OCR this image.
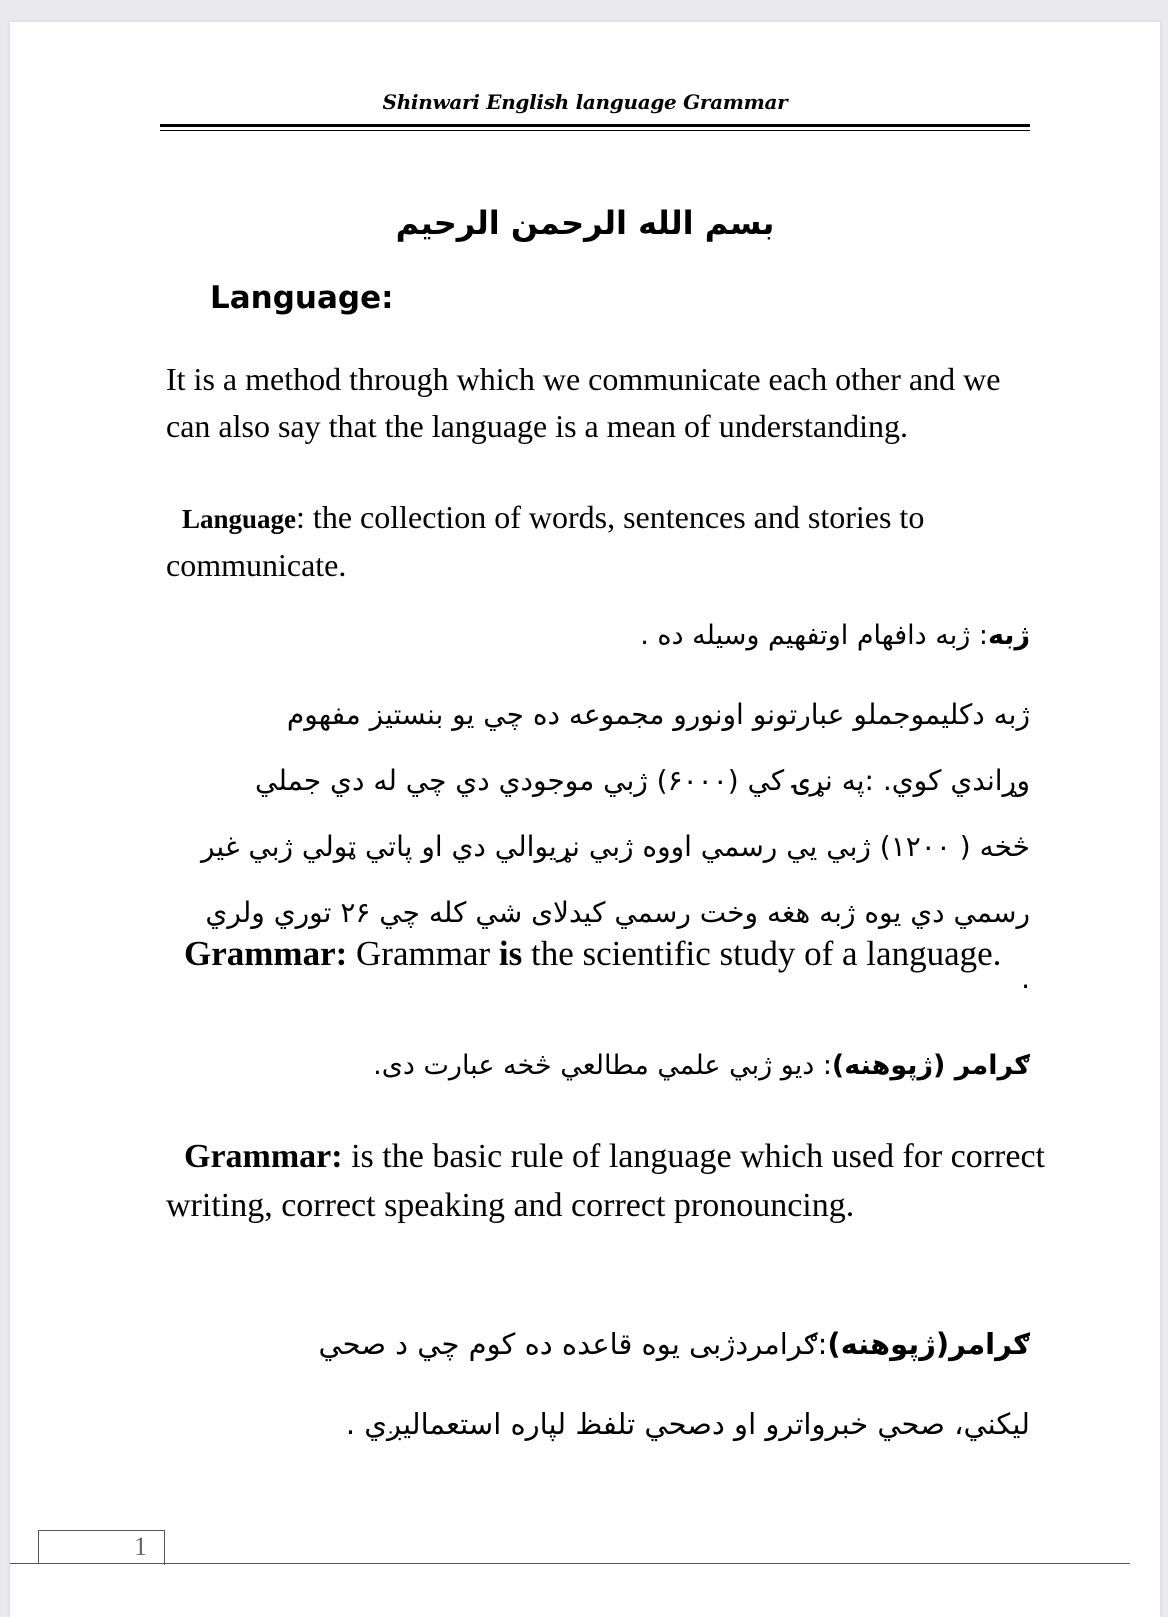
Shinwari English language Grammar
بسم الله الرحمن الرحیم
Language:

It is a method through which we communicate each other and we can also say that the language is a mean of understanding.

Language: the collection of words, sentences and stories to communicate.

ژبه: ژبه دافهام اوتفهیم وسیله ده .

ژبه دکلیموجملو عبارتونو اونورو مجموعه ده چي یو بنستیز مفهوم وړاندي کوي. :په نړۍ کي (۶۰۰۰) ژبي موجودي دي چي له دي جملي څخه ( ۱۲۰۰) ژبي یي رسمي اووه ژبي نړیوالي دي او پاتي ټولي ژبي غیر رسمي دي یوه ژبه هغه وخت رسمي کیدلای شي کله چي ۲۶ توري ولري .

Grammar: Grammar is the scientific study of a language.

ګرامر (ژپوهنه): دیو ژبي علمي مطالعي څخه عبارت دی.

Grammar: is the basic rule of language which used for correct writing, correct speaking and correct pronouncing.

ګرامر(ژپوهنه):ګرامردژبی یوه قاعده ده کوم چي د صحي لیکني، صحي خبرواترو او دصحي تلفظ لپاره استعمالیږي .

1
